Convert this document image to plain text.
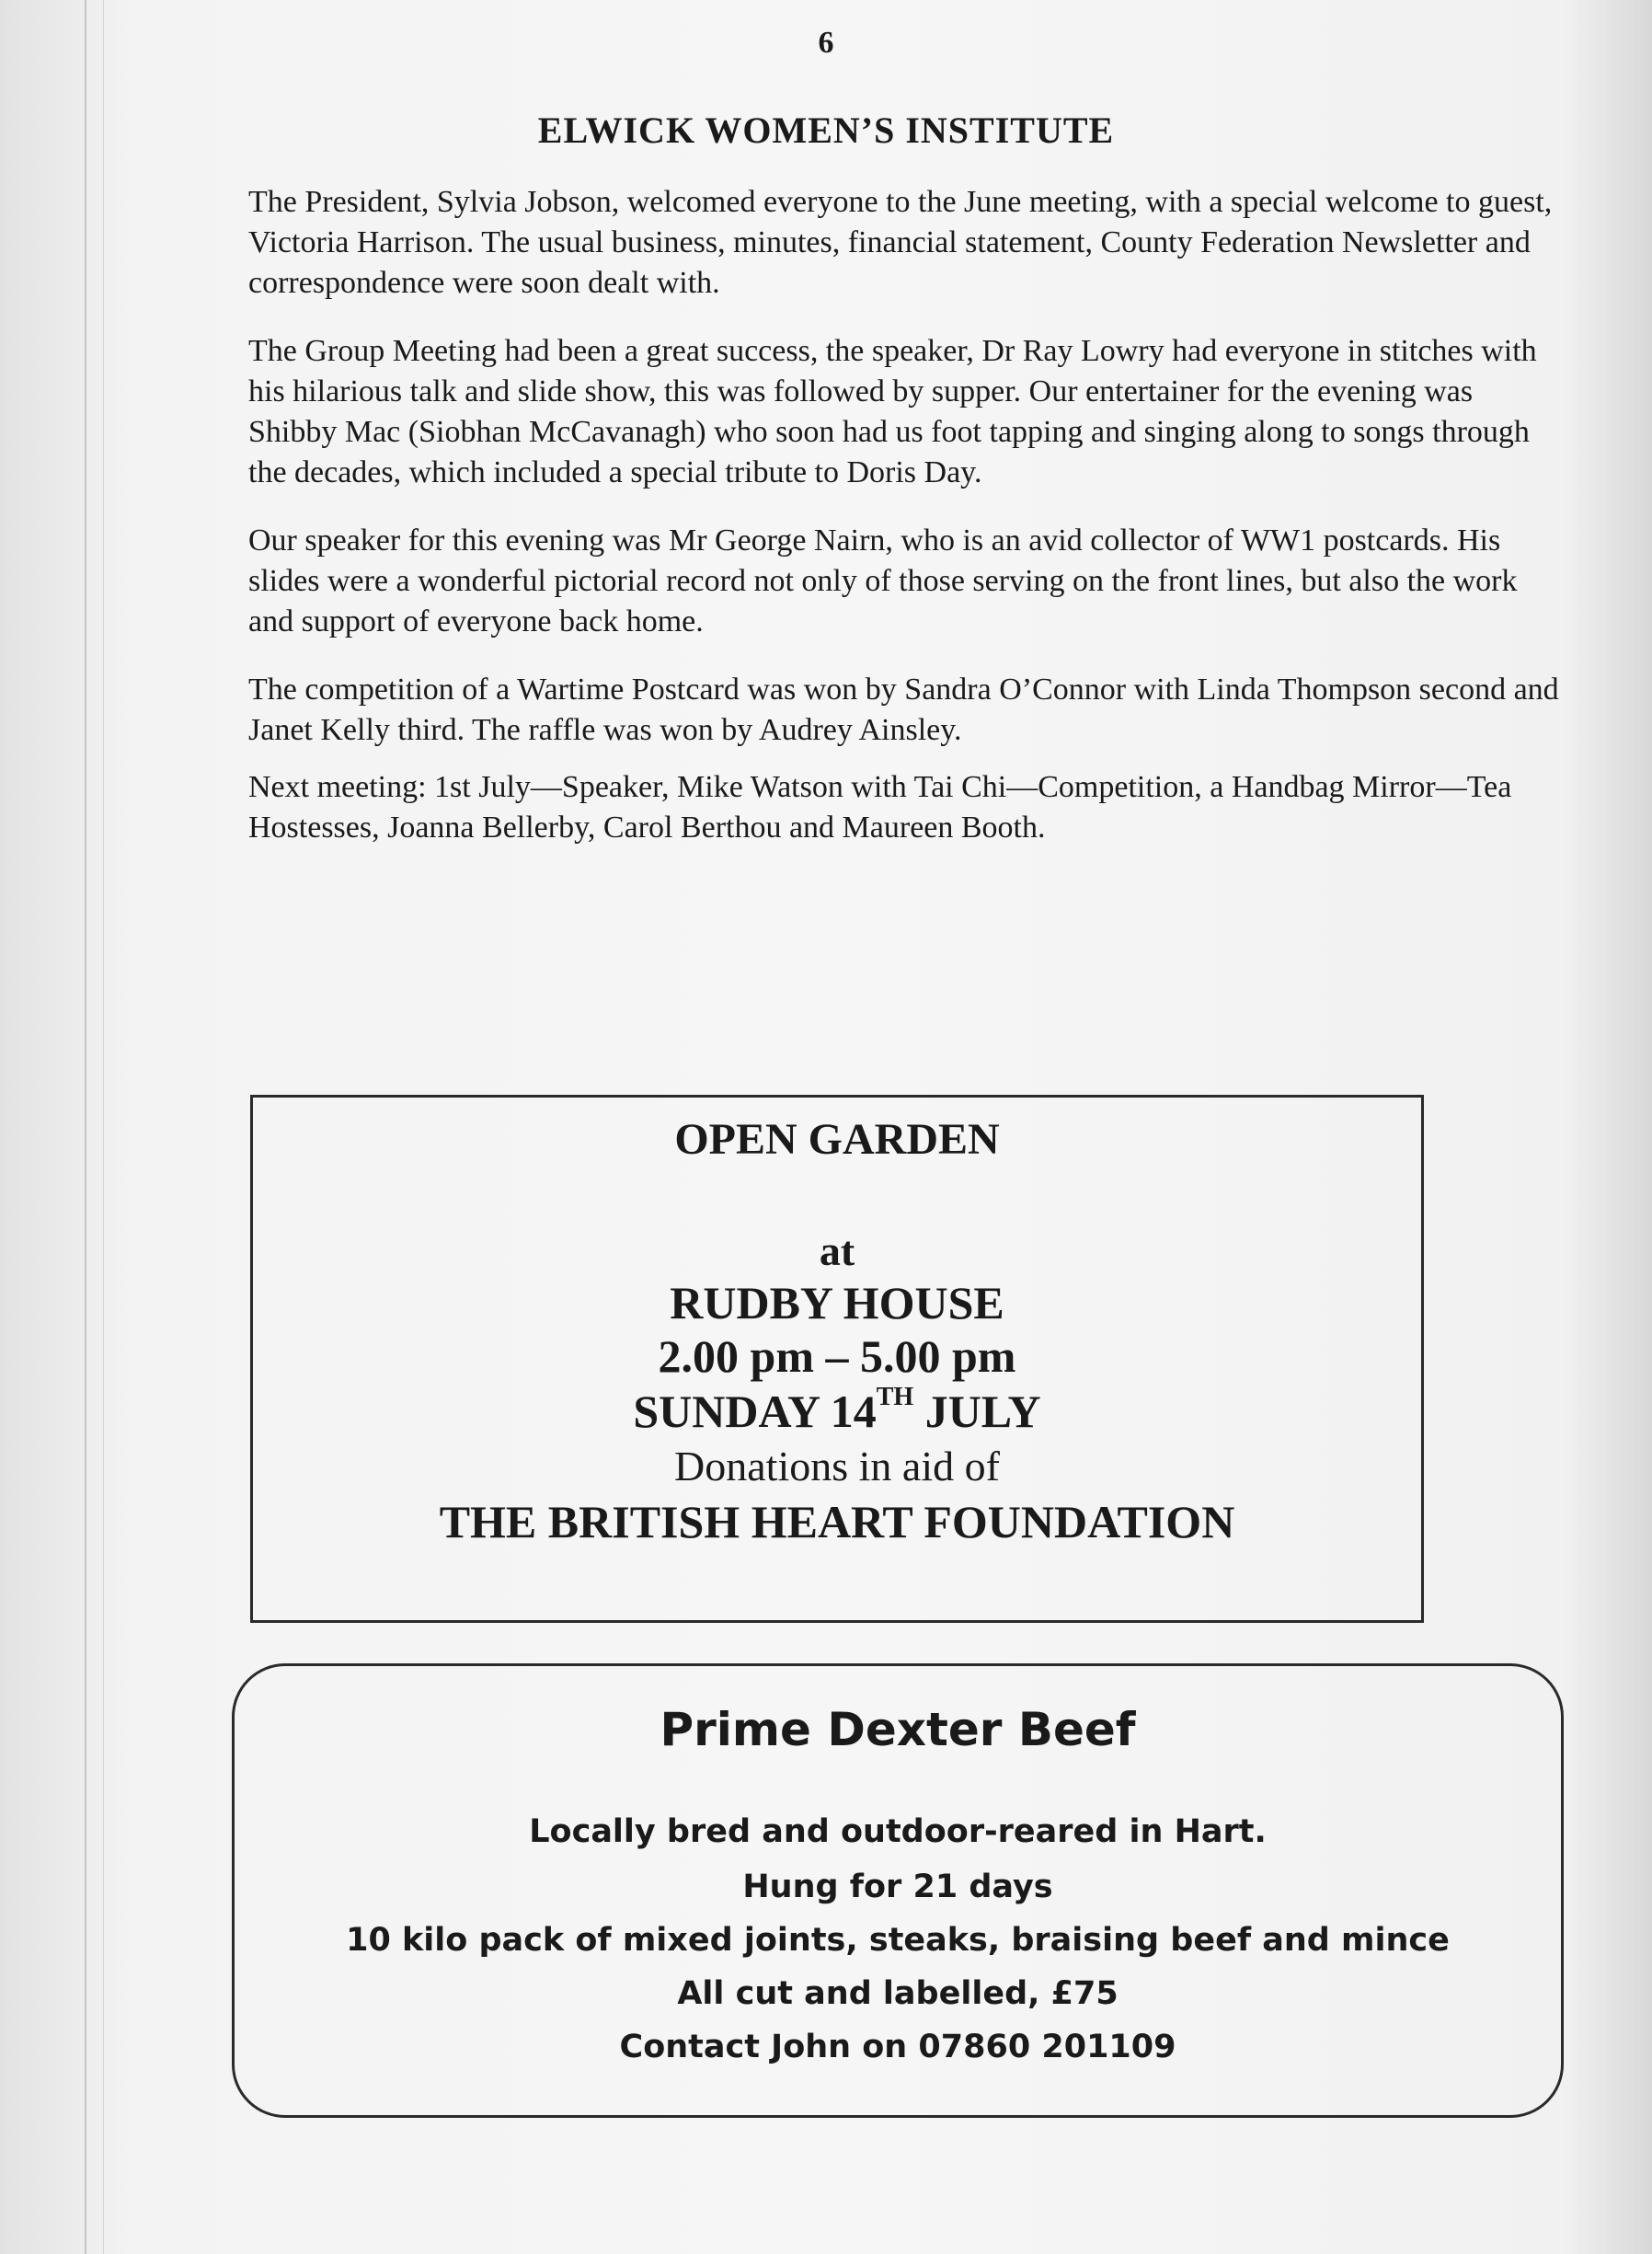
6
ELWICK WOMEN’S INSTITUTE

The President, Sylvia Jobson, welcomed everyone to the June meeting, with a special welcome to guest, Victoria Harrison. The usual business, minutes, financial statement, County Federation Newsletter and correspondence were soon dealt with.

The Group Meeting had been a great success, the speaker, Dr Ray Lowry had everyone in stitches with his hilarious talk and slide show, this was followed by supper. Our entertainer for the evening was Shibby Mac (Siobhan McCavanagh) who soon had us foot tapping and singing along to songs through the decades, which included a special tribute to Doris Day.

Our speaker for this evening was Mr George Nairn, who is an avid collector of WW1 postcards. His slides were a wonderful pictorial record not only of those serving on the front lines, but also the work and support of everyone back home.

The competition of a Wartime Postcard was won by Sandra O’Connor with Linda Thompson second and Janet Kelly third. The raffle was won by Audrey Ainsley.

Next meeting: 1st July—Speaker, Mike Watson with Tai Chi—Competition, a Handbag Mirror—Tea Hostesses, Joanna Bellerby, Carol Berthou and Maureen Booth.

OPEN GARDEN
at
RUDBY HOUSE
2.00 pm – 5.00 pm
SUNDAY 14TH JULY
Donations in aid of
THE BRITISH HEART FOUNDATION
Prime Dexter Beef
Locally bred and outdoor-reared in Hart.
Hung for 21 days
10 kilo pack of mixed joints, steaks, braising beef and mince
All cut and labelled, £75
Contact John on 07860 201109
